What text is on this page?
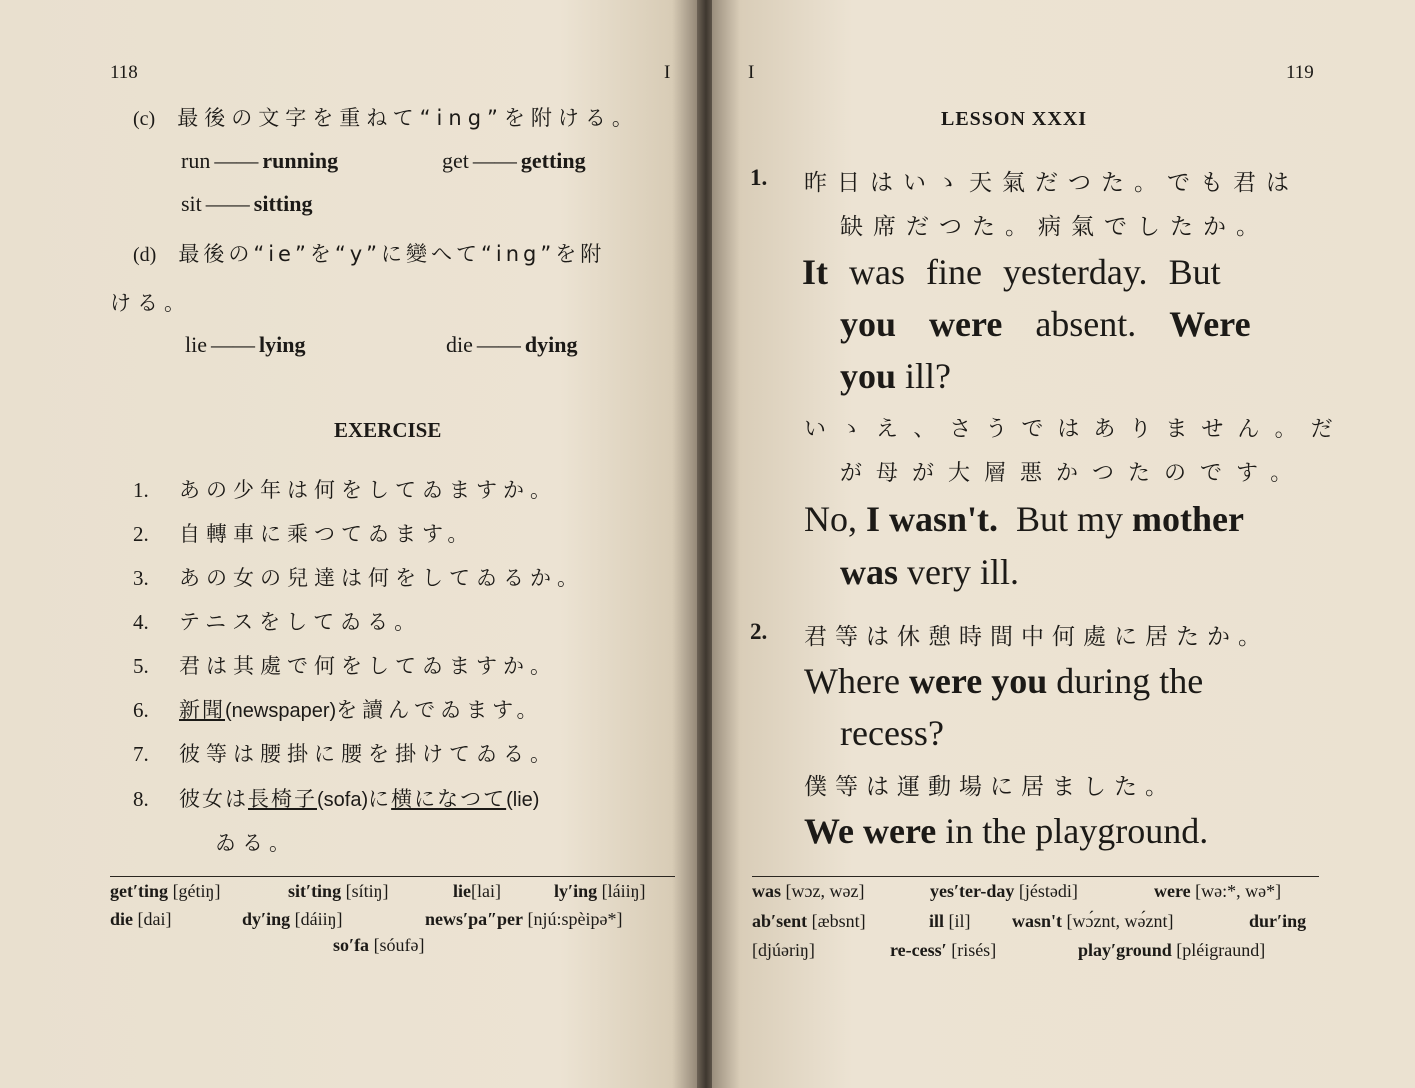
118	I
(c) 最後の文字を重ねて“ing”を附ける。
run —— running	get —— getting
sit —— sitting
(d) 最後の“ie”を“y”に變へて“ing”を附
ける。
lie —— lying	die —— dying
EXERCISE
1. あの少年は何をしてゐますか。
2. 自轉車に乘つてゐます。
3. あの女の兒達は何をしてゐるか。
4. テニスをしてゐる。
5. 君は其處で何をしてゐますか。
6. 新聞(newspaper)を讀んでゐます。
7. 彼等は腰掛に腰を掛けてゐる。
8. 彼女は長椅子(sofa)に横になつて(lie)
ゐる。
get′ting [gétiŋ]	sit′ting [sítiŋ]	lie[lai]	ly′ing [láiiŋ]
die [dai]	dy′ing [dáiiŋ]	news′pa″per [njú:spèipə*]
so′fa [sóufə]
I	119
LESSON XXXI
1. 昨日はいゝ天氣だつた。でも君は
缺席だつた。病氣でしたか。
It was fine yesterday. But
you were absent. Were
you ill?
いゝえ、さうではありません。だ
が母が大層悪かつたのです。
No, I wasn't. But my mother
was very ill.
2. 君等は休憩時間中何處に居たか。
Where were you during the
recess?
僕等は運動場に居ました。
We were in the playground.
was [wɔz, wəz]	yes′ter-day [jéstədi]	were [wə:*, wə*]
ab′sent [æbsnt]	ill [il] wasn't [wɔ́znt, wə́znt]	dur′ing
[djúəriŋ]	re-cess′ [risés]	play′ground [pléigraund]
